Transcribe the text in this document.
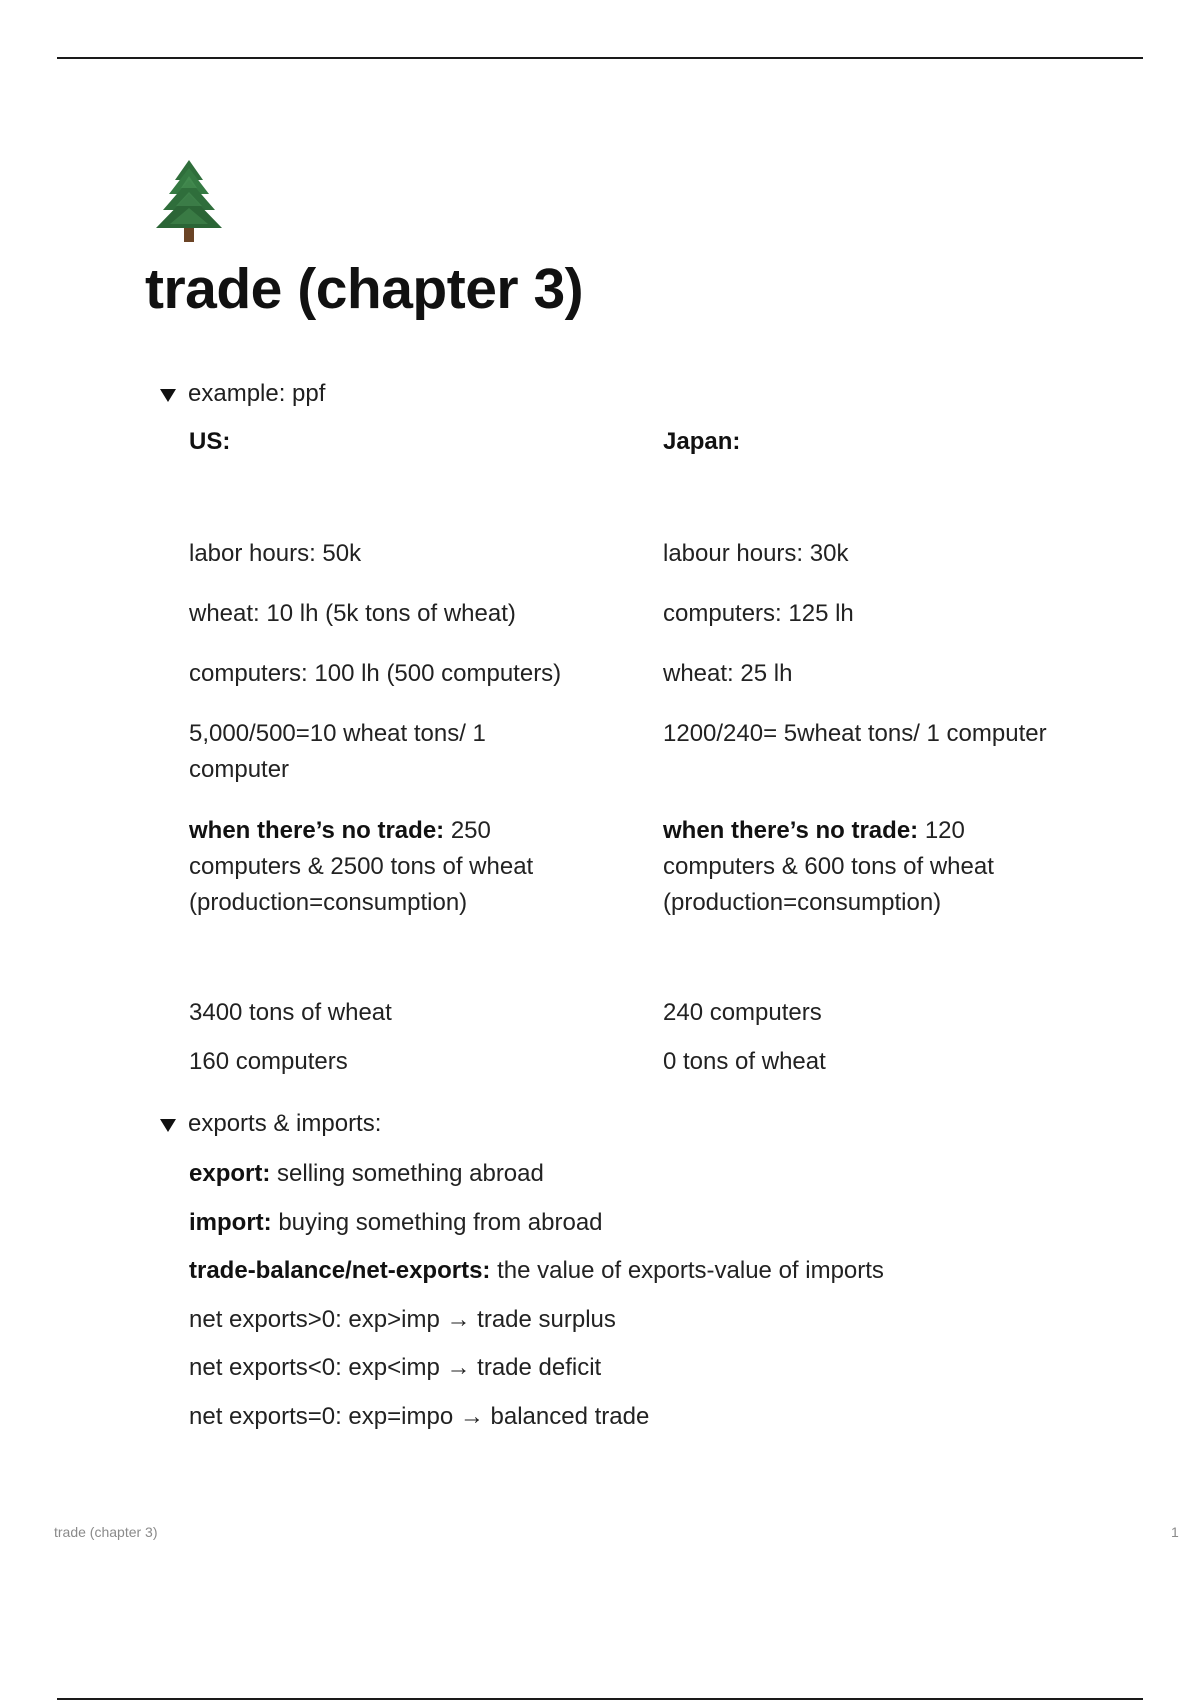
trade (chapter 3)
example: ppf
US:
labor hours: 50k
wheat: 10 lh (5k tons of wheat)
computers: 100 lh (500 computers)
5,000/500=10 wheat tons/ 1 computer
when there’s no trade: 250 computers & 2500 tons of wheat (production=consumption)
3400 tons of wheat
160 computers
Japan:
labour hours: 30k
computers: 125 lh
wheat: 25 lh
1200/240= 5wheat tons/ 1 computer
when there’s no trade: 120 computers & 600 tons of wheat (production=consumption)
240 computers
0 tons of wheat
exports & imports:
export: selling something abroad
import: buying something from abroad
trade-balance/net-exports: the value of exports-value of imports
net exports>0: exp>imp → trade surplus
net exports<0: exp<imp → trade deficit
net exports=0: exp=impo → balanced trade
trade (chapter 3)	1
